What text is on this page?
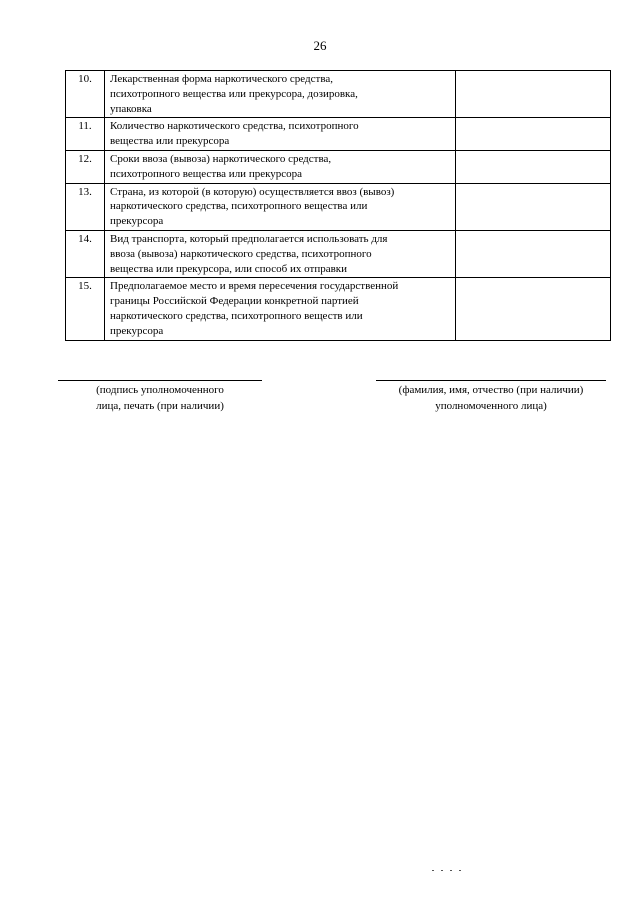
26
10.	Лекарственная форма наркотического средства,
психотропного вещества или прекурсора, дозировка,
упаковка	
11.	Количество наркотического средства, психотропного
вещества или прекурсора	
12.	Сроки ввоза (вывоза) наркотического средства,
психотропного вещества или прекурсора	
13.	Страна, из которой (в которую) осуществляется ввоз (вывоз)
наркотического средства, психотропного вещества или
прекурсора	
14.	Вид транспорта, который предполагается использовать для
ввоза (вывоза) наркотического средства, психотропного
вещества или прекурсора, или способ их отправки	
15.	Предполагаемое место и время пересечения государственной
границы Российской Федерации конкретной партией
наркотического средства, психотропного веществ или
прекурсора	
(подпись уполномоченного
лица, печать (при наличии)
(фамилия, имя, отчество (при наличии)
уполномоченного лица)
